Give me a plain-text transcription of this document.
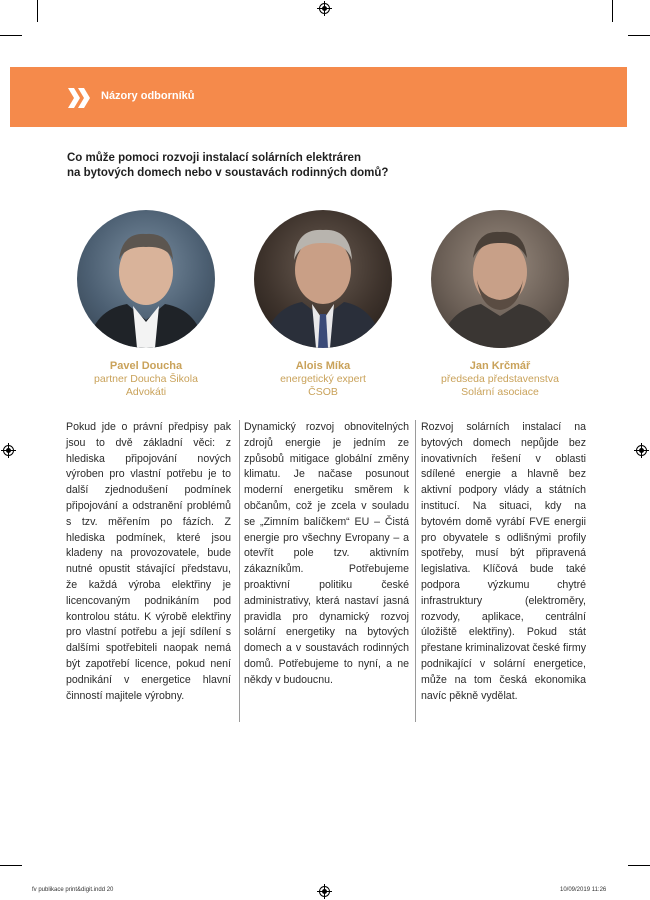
Názory odborníků
Co může pomoci rozvoji instalací solárních elektráren
na bytových domech nebo v soustavách rodinných domů?
Pavel Doucha
partner Doucha Šikola
Advokáti
Alois Míka
energetický expert
ČSOB
Jan Krčmář
předseda představenstva
Solární asociace
Pokud jde o právní předpisy pak jsou to dvě základní věci: z hlediska připojování nových výroben pro vlastní potřebu je to další zjednodušení podmínek připojování a odstranění problémů s tzv. měřením po fázích. Z hlediska podmínek, které jsou kladeny na provozovatele, bude nutné opustit stávající představu, že každá výroba elektřiny je licencovaným podnikáním pod kontrolou státu. K výrobě elektřiny pro vlastní potřebu a její sdílení s dalšími spotřebiteli naopak nemá být zapotřebí licence, pokud není podnikání v energetice hlavní činností majitele výrobny.
Dynamický rozvoj obnovitelných zdrojů energie je jedním ze způsobů mitigace globální změny klimatu. Je načase posunout moderní energetiku směrem k občanům, což je zcela v souladu se „Zimním balíčkem“ EU – Čistá energie pro všechny Evropany – a otevřít pole tzv. aktivním zákazníkům. Potřebujeme proaktivní politiku české administrativy, která nastaví jasná pravidla pro dynamický rozvoj solární energetiky na bytových domech a v soustavách rodinných domů. Potřebujeme to nyní, a ne někdy v budoucnu.
Rozvoj solárních instalací na bytových domech nepůjde bez inovativních řešení v oblasti sdílené energie a hlavně bez aktivní podpory vlády a státních institucí. Na situaci, kdy na bytovém domě vyrábí FVE energii pro obyvatele s odlišnými profily spotřeby, musí být připravená legislativa. Klíčová bude také podpora výzkumu chytré infrastruktury (elektroměry, rozvody, aplikace, centrální úložiště elektřiny). Pokud stát přestane kriminalizovat české firmy podnikající v solární energetice, může na tom česká ekonomika navíc pěkně vydělat.
fv publikace print&digit.indd 20	10/09/2019 11:26
